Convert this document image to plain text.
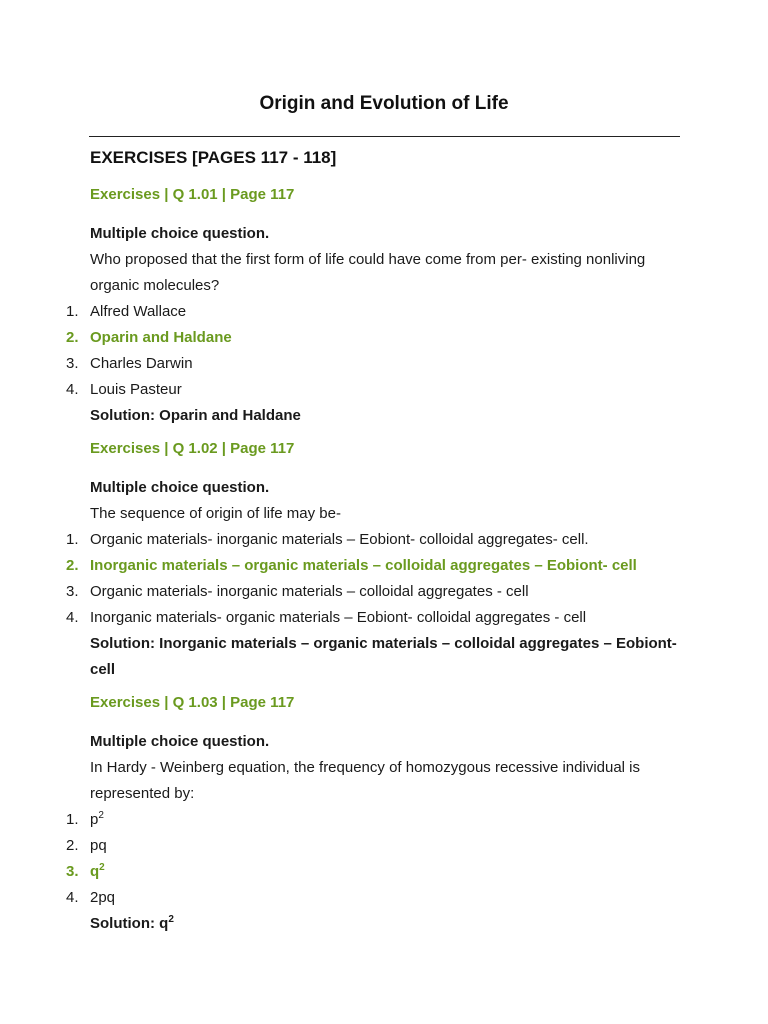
Origin and Evolution of Life
EXERCISES [PAGES 117 - 118]
Exercises | Q 1.01 | Page 117
Multiple choice question.
Who proposed that the first form of life could have come from per- existing nonliving organic molecules?
1. Alfred Wallace
2. Oparin and Haldane
3. Charles Darwin
4. Louis Pasteur
Solution: Oparin and Haldane
Exercises | Q 1.02 | Page 117
Multiple choice question.
The sequence of origin of life may be-
1. Organic materials- inorganic materials – Eobiont- colloidal aggregates- cell.
2. Inorganic materials – organic materials – colloidal aggregates – Eobiont- cell
3. Organic materials- inorganic materials – colloidal aggregates - cell
4. Inorganic materials- organic materials – Eobiont- colloidal aggregates - cell
Solution: Inorganic materials – organic materials – colloidal aggregates – Eobiont- cell
Exercises | Q 1.03 | Page 117
Multiple choice question.
In Hardy - Weinberg equation, the frequency of homozygous recessive individual is represented by:
1. $p^2$
2. pq
3. $q^2$
4. 2pq
Solution: $q^2$
